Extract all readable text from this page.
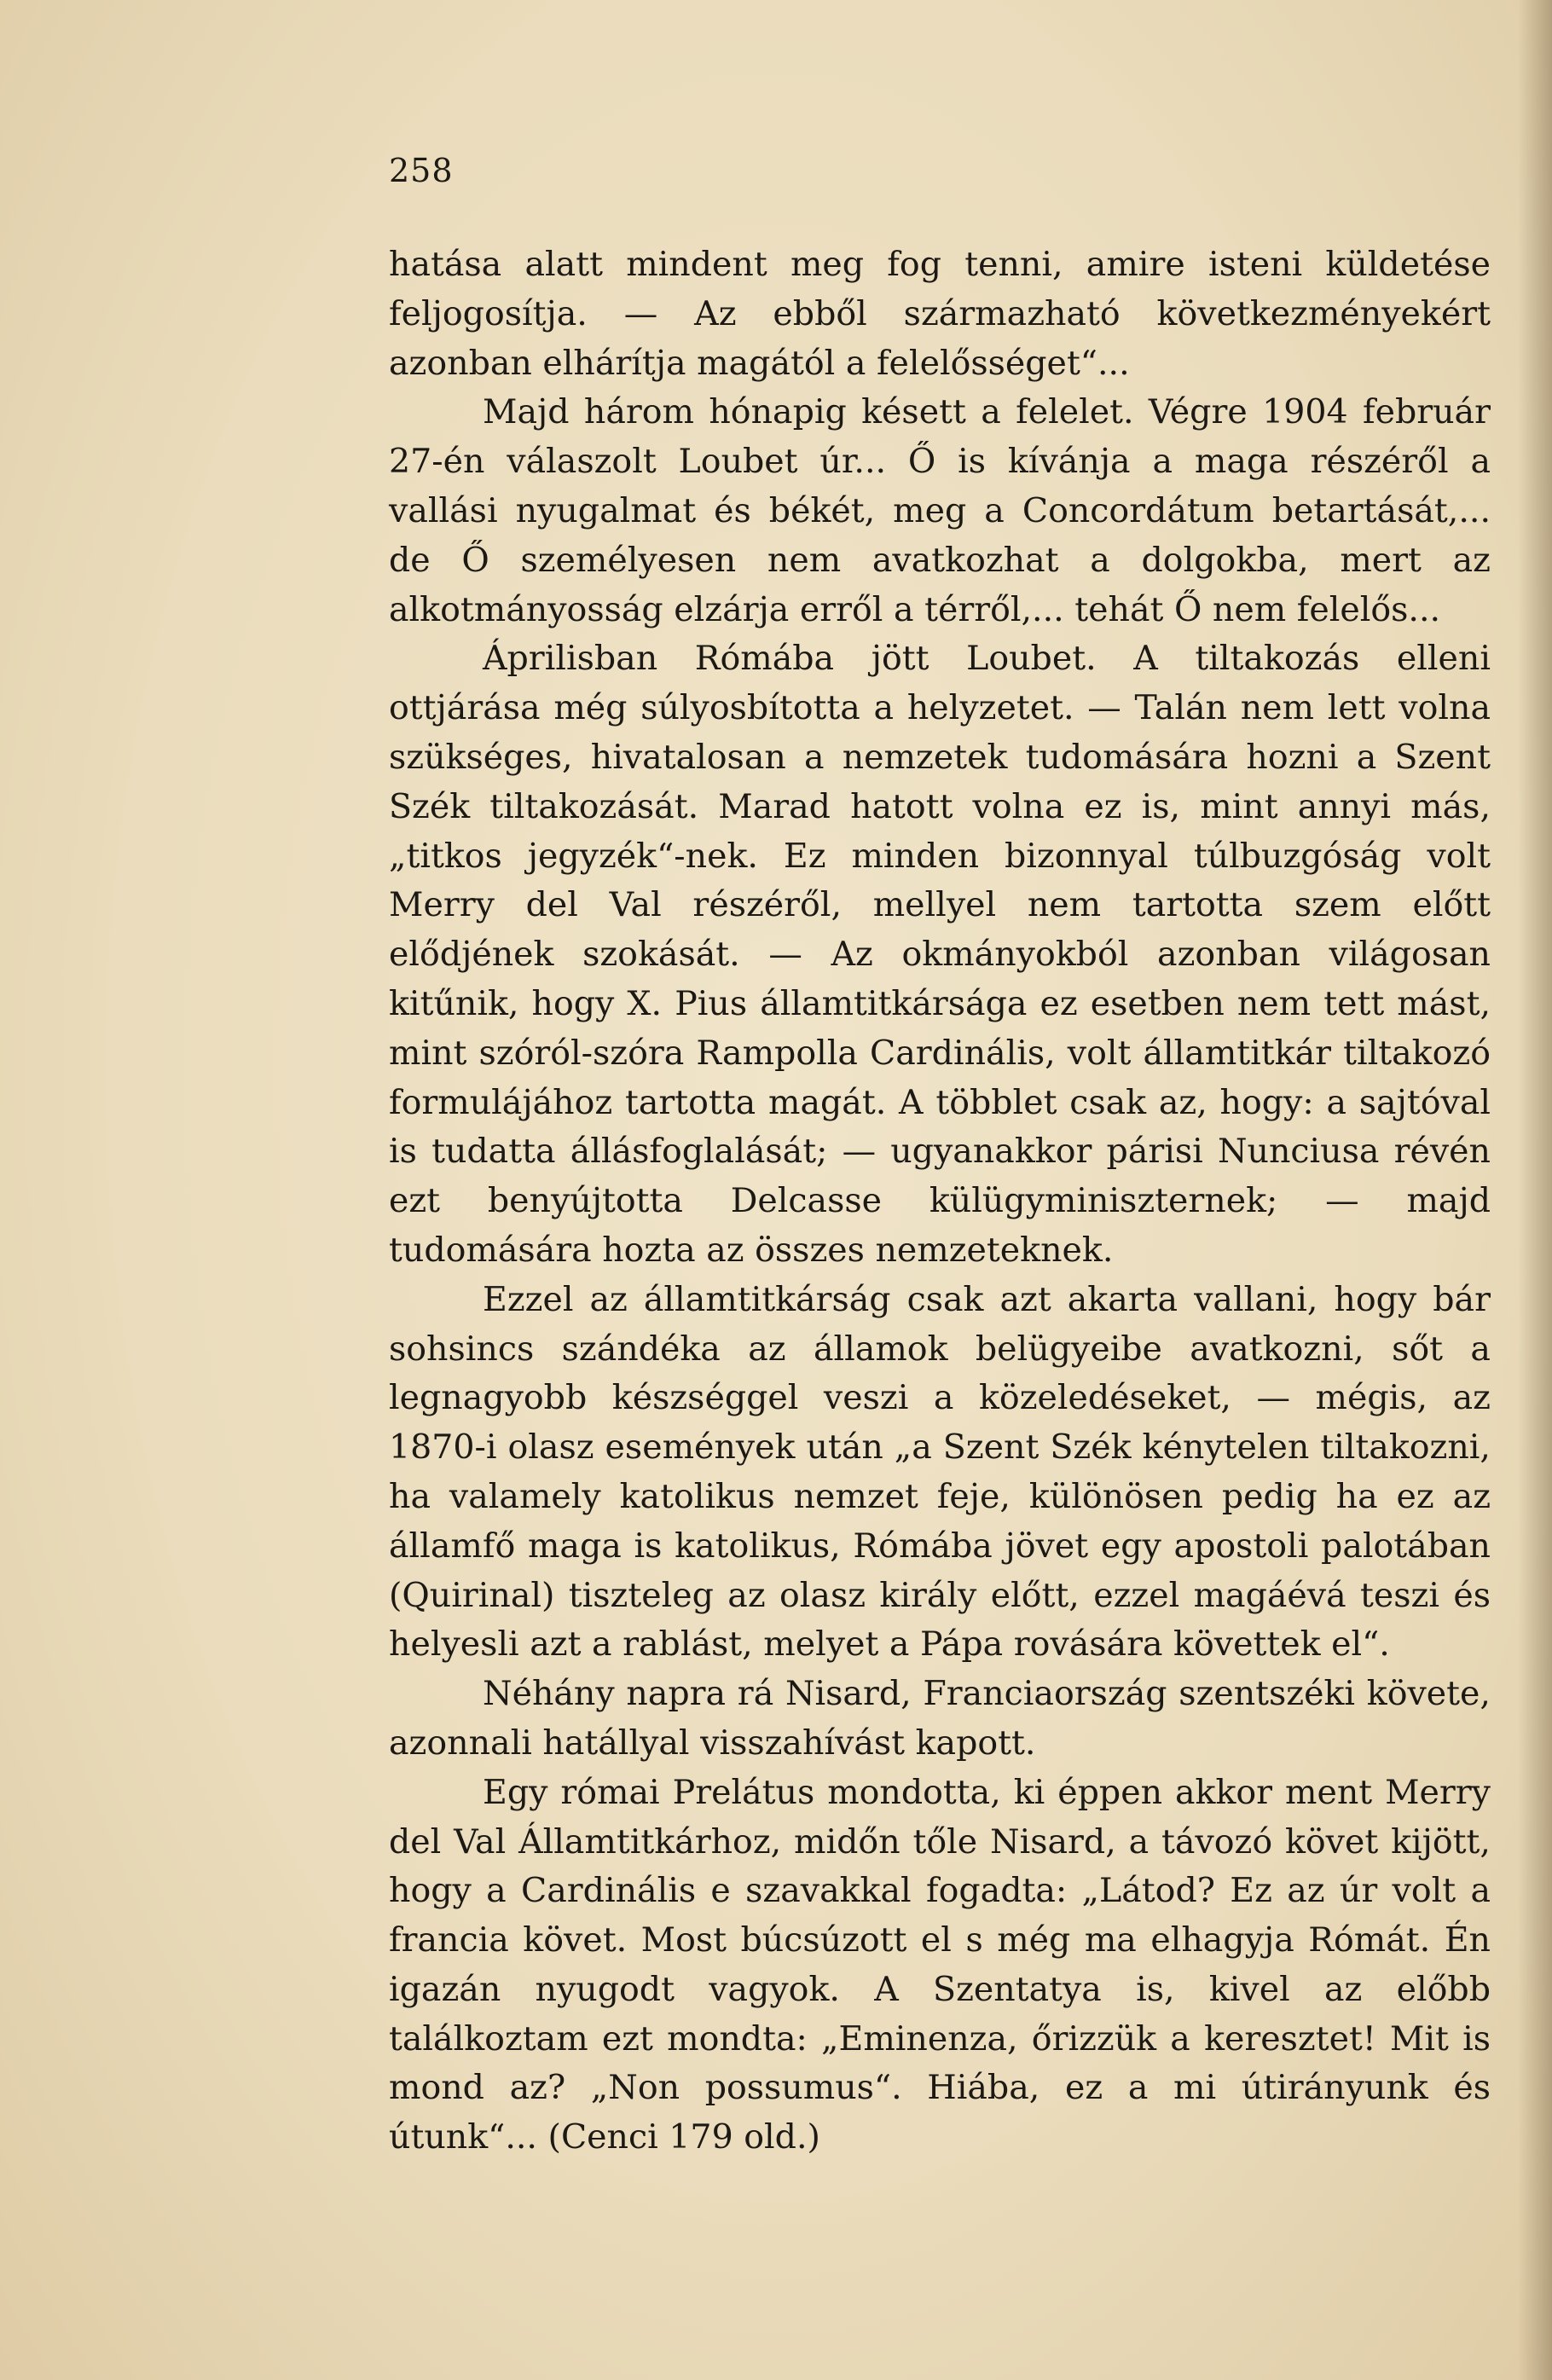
258

hatása alatt mindent meg fog tenni, amire isteni küldetése feljogosítja. — Az ebből származható következményekért azonban elhárítja magától a felelősséget“...

Majd három hónapig késett a felelet. Végre 1904 február 27-én válaszolt Loubet úr... Ő is kívánja a maga részéről a vallási nyugalmat és békét, meg a Concordátum betartását,... de Ő személyesen nem avatkozhat a dolgokba, mert az alkotmányosság elzárja erről a térről,... tehát Ő nem felelős...

Áprilisban Rómába jött Loubet. A tiltakozás elleni ottjárása még súlyosbította a helyzetet. — Talán nem lett volna szükséges, hivatalosan a nemzetek tudomására hozni a Szent Szék tiltakozását. Marad hatott volna ez is, mint annyi más, „titkos jegyzék“-nek. Ez minden bizonnyal túlbuzgóság volt Merry del Val részéről, mellyel nem tartotta szem előtt elődjének szokását. — Az okmányokból azonban világosan kitűnik, hogy X. Pius államtitkársága ez esetben nem tett mást, mint szóról-szóra Rampolla Cardinális, volt államtitkár tiltakozó formulájához tartotta magát. A többlet csak az, hogy: a sajtóval is tudatta állásfoglalását; — ugyanakkor párisi Nunciusa révén ezt benyújtotta Delcasse külügyminiszternek; — majd tudomására hozta az összes nemzeteknek.

Ezzel az államtitkárság csak azt akarta vallani, hogy bár sohsincs szándéka az államok belügyeibe avatkozni, sőt a legnagyobb készséggel veszi a közeledéseket, — mégis, az 1870-i olasz események után „a Szent Szék kénytelen tiltakozni, ha valamely katolikus nemzet feje, különösen pedig ha ez az államfő maga is katolikus, Rómába jövet egy apostoli palotában (Quirinal) tiszteleg az olasz király előtt, ezzel magáévá teszi és helyesli azt a rablást, melyet a Pápa rovására követtek el“.

Néhány napra rá Nisard, Franciaország szentszéki követe, azonnali hatállyal visszahívást kapott.

Egy római Prelátus mondotta, ki éppen akkor ment Merry del Val Államtitkárhoz, midőn tőle Nisard, a távozó követ kijött, hogy a Cardinális e szavakkal fogadta: „Látod? Ez az úr volt a francia követ. Most búcsúzott el s még ma elhagyja Rómát. Én igazán nyugodt vagyok. A Szentatya is, kivel az előbb találkoztam ezt mondta: „Eminenza, őrizzük a keresztet! Mit is mond az? „Non possumus“. Hiába, ez a mi útirányunk és útunk“... (Cenci 179 old.)
